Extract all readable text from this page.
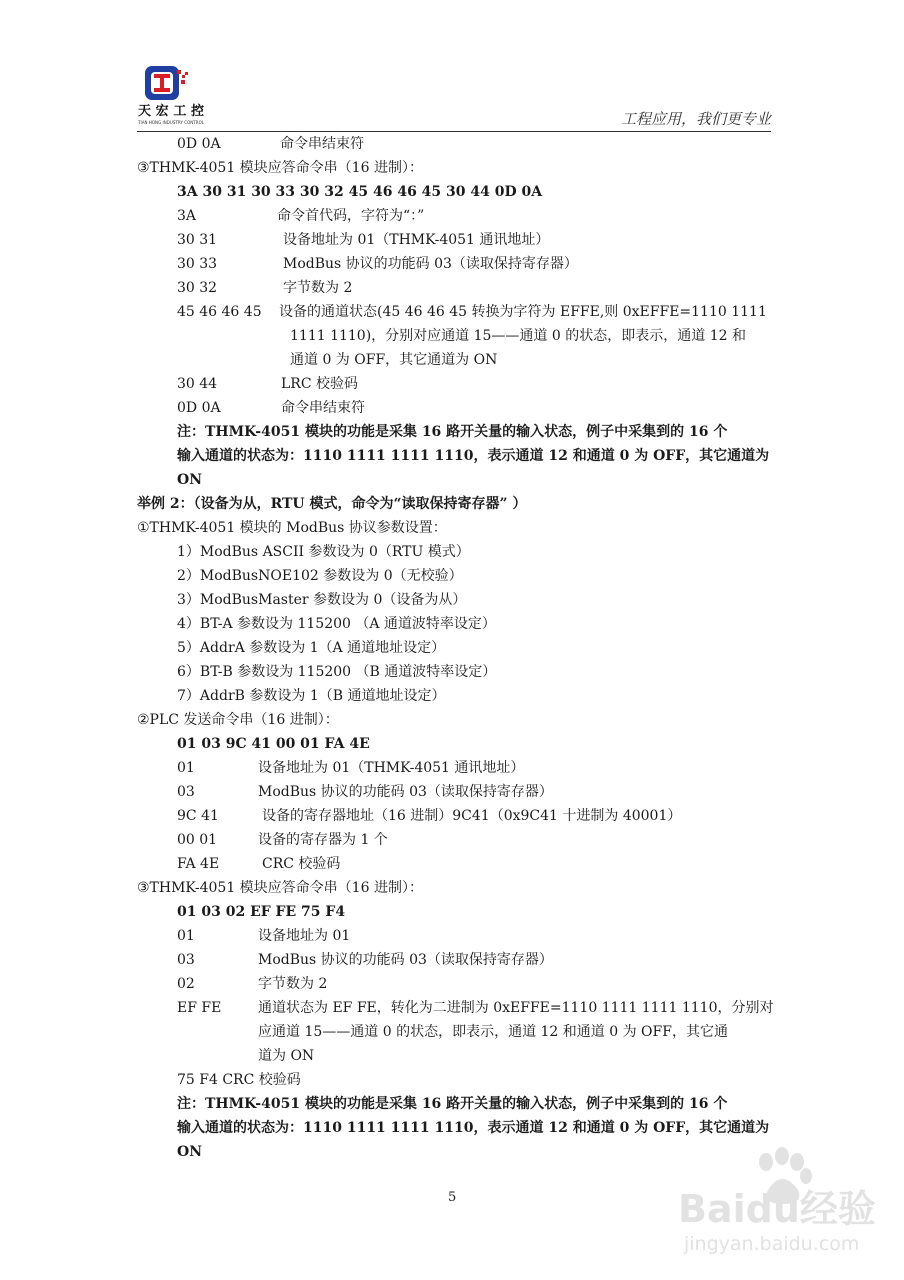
天宏工控
TIAN HONG INDUSTRY CONTROL	工程应用，我们更专业
0D 0A	命令串结束符
③THMK-4051 模块应答命令串（16 进制）：
3A 30 31 30 33 30 32 45 46 46 45 30 44 0D 0A
3A	命令首代码，字符为“：”
30 31	设备地址为 01（THMK-4051 通讯地址）
30 33	ModBus 协议的功能码 03（读取保持寄存器）
30 32	字节数为 2
45 46 46 45 设备的通道状态(45 46 46 45 转换为字符为 EFFE,则 0xEFFE=1110 1111
1111 1110)，分别对应通道 15——通道 0 的状态，即表示，通道 12 和
通道 0 为 OFF，其它通道为 ON
30 44	LRC 校验码
0D 0A	命令串结束符
注：THMK-4051 模块的功能是采集 16 路开关量的输入状态，例子中采集到的 16 个
输入通道的状态为：1110 1111 1111 1110，表示通道 12 和通道 0 为 OFF，其它通道为
ON
举例 2：（设备为从，RTU 模式，命令为“读取保持寄存器” ）
①THMK-4051 模块的 ModBus 协议参数设置：
1）ModBus ASCII 参数设为 0（RTU 模式）
2）ModBusNOE102 参数设为 0（无校验）
3）ModBusMaster 参数设为 0（设备为从）
4）BT-A 参数设为 115200 （A 通道波特率设定）
5）AddrA 参数设为 1（A 通道地址设定）
6）BT-B 参数设为 115200 （B 通道波特率设定）
7）AddrB 参数设为 1（B 通道地址设定）
②PLC 发送命令串（16 进制）：
01 03 9C 41 00 01 FA 4E
01	设备地址为 01（THMK-4051 通讯地址）
03	ModBus 协议的功能码 03（读取保持寄存器）
9C 41	设备的寄存器地址（16 进制）9C41（0x9C41 十进制为 40001）
00 01	设备的寄存器为 1 个
FA 4E	CRC 校验码
③THMK-4051 模块应答命令串（16 进制）：
01 03 02 EF FE 75 F4
01	设备地址为 01
03	ModBus 协议的功能码 03（读取保持寄存器）
02	字节数为 2
EF FE	通道状态为 EF FE，转化为二进制为 0xEFFE=1110 1111 1111 1110，分别对
应通道 15——通道 0 的状态，即表示，通道 12 和通道 0 为 OFF，其它通
道为 ON
75 F4 CRC 校验码
注：THMK-4051 模块的功能是采集 16 路开关量的输入状态，例子中采集到的 16 个
输入通道的状态为：1110 1111 1111 1110，表示通道 12 和通道 0 为 OFF，其它通道为
ON
5	Baidu经验
jingyan.baidu.com
